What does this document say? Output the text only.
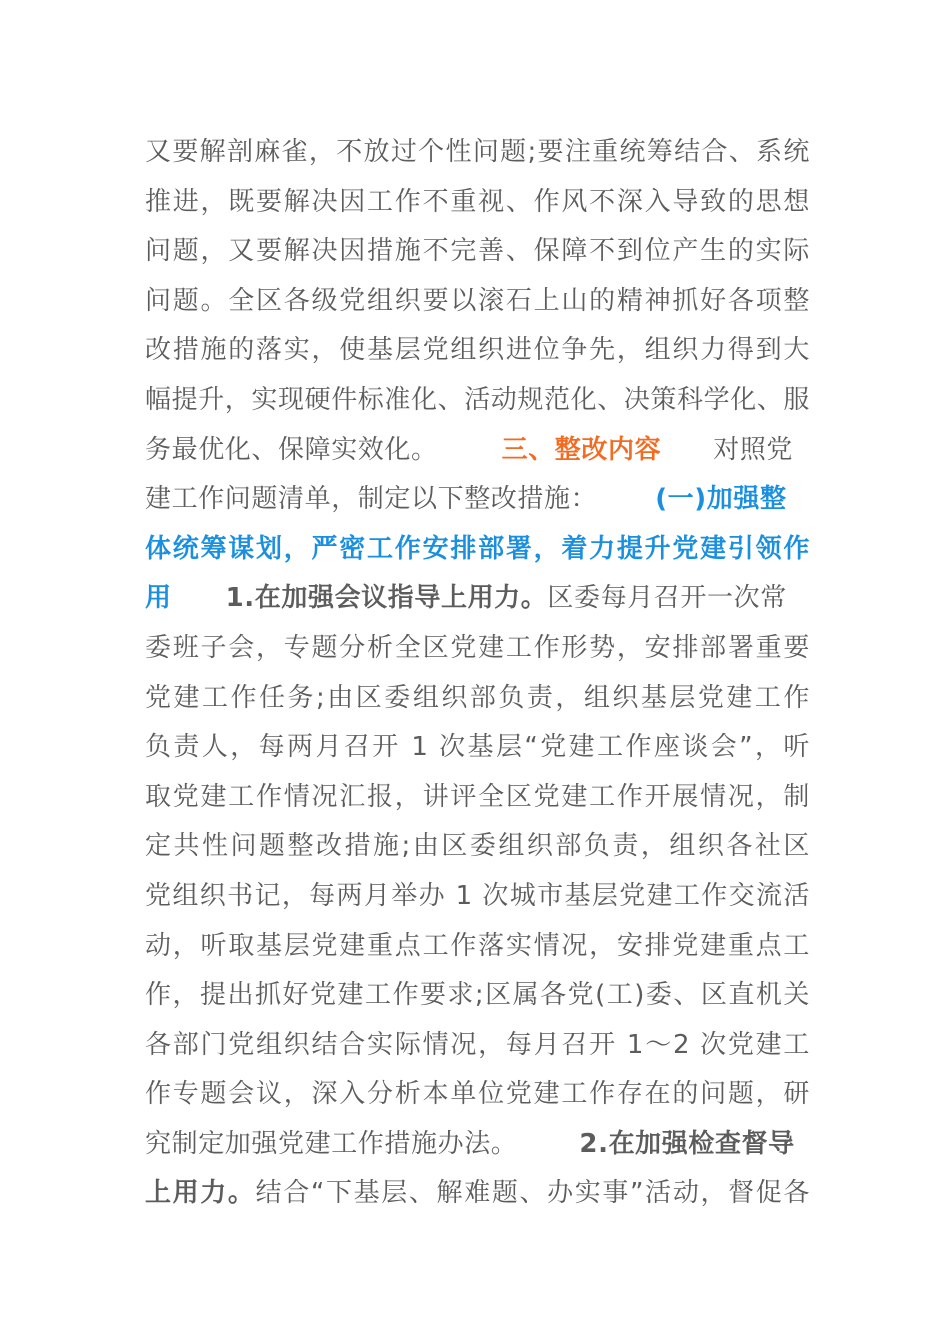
又要解剖麻雀，不放过个性问题;要注重统筹结合、系统
推进，既要解决因工作不重视、作风不深入导致的思想
问题，又要解决因措施不完善、保障不到位产生的实际
问题。全区各级党组织要以滚石上山的精神抓好各项整
改措施的落实，使基层党组织进位争先，组织力得到大
幅提升，实现硬件标准化、活动规范化、决策科学化、服
务最优化、保障实效化。 三、整改内容 对照党
建工作问题清单，制定以下整改措施： (一)加强整
体统筹谋划，严密工作安排部署，着力提升党建引领作
用 1.在加强会议指导上用力。区委每月召开一次常
委班子会，专题分析全区党建工作形势，安排部署重要
党建工作任务;由区委组织部负责，组织基层党建工作
负责人，每两月召开 1 次基层“党建工作座谈会”，听
取党建工作情况汇报，讲评全区党建工作开展情况，制
定共性问题整改措施;由区委组织部负责，组织各社区
党组织书记，每两月举办 1 次城市基层党建工作交流活
动，听取基层党建重点工作落实情况，安排党建重点工
作，提出抓好党建工作要求;区属各党(工)委、区直机关
各部门党组织结合实际情况，每月召开 1～2 次党建工
作专题会议，深入分析本单位党建工作存在的问题，研
究制定加强党建工作措施办法。 2.在加强检查督导
上用力。结合“下基层、解难题、办实事”活动，督促各
